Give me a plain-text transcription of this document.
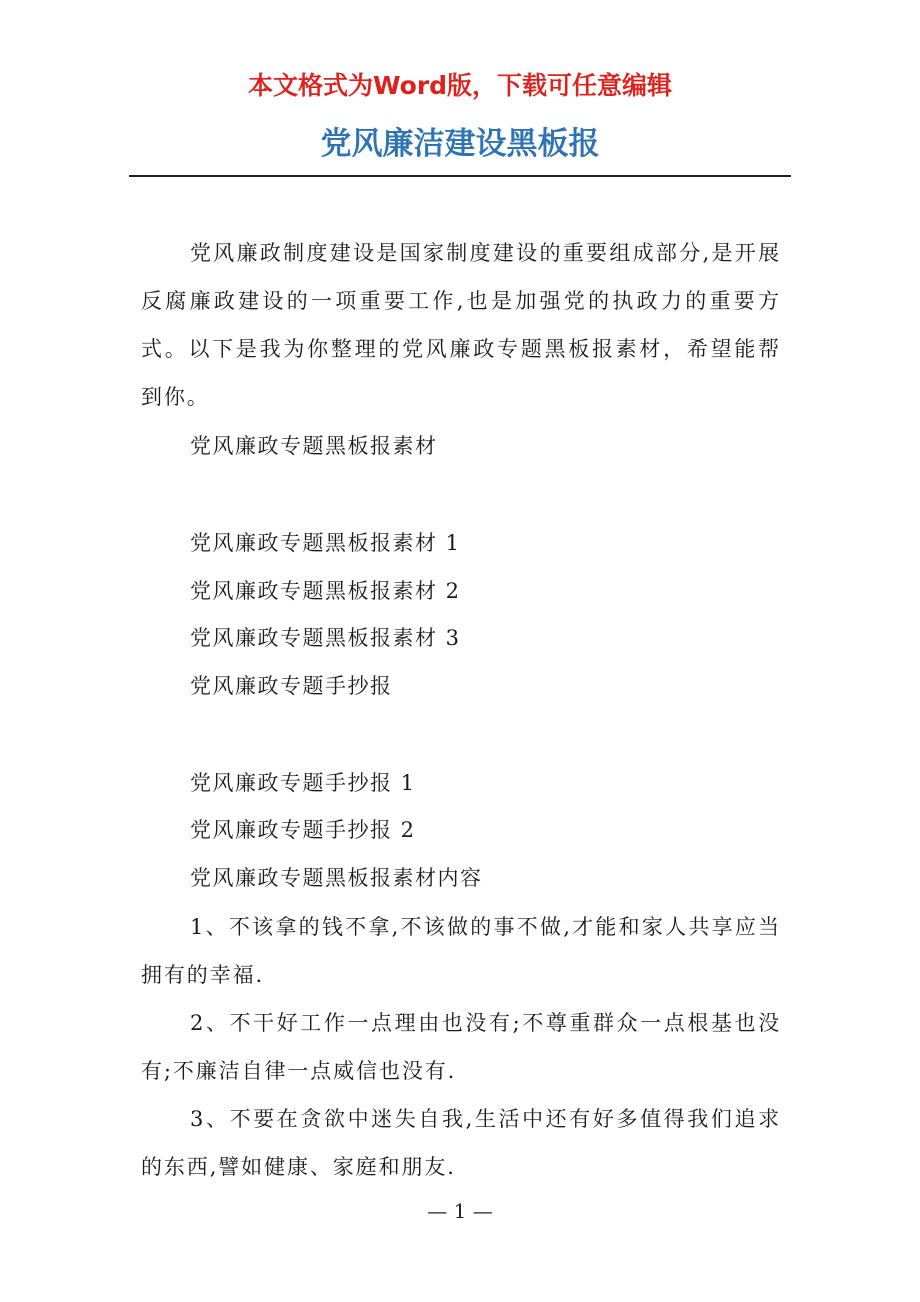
本文格式为Word版，下载可任意编辑
党风廉洁建设黑板报

党风廉政制度建设是国家制度建设的重要组成部分,是开展反腐廉政建设的一项重要工作,也是加强党的执政力的重要方式。以下是我为你整理的党风廉政专题黑板报素材，希望能帮到你。

党风廉政专题黑板报素材
党风廉政专题黑板报素材 1
党风廉政专题黑板报素材 2
党风廉政专题黑板报素材 3
党风廉政专题手抄报
党风廉政专题手抄报 1
党风廉政专题手抄报 2
党风廉政专题黑板报素材内容

1、不该拿的钱不拿,不该做的事不做,才能和家人共享应当拥有的幸福.

2、不干好工作一点理由也没有;不尊重群众一点根基也没有;不廉洁自律一点威信也没有.

3、不要在贪欲中迷失自我,生活中还有好多值得我们追求的东西,譬如健康、家庭和朋友.

— 1 —
